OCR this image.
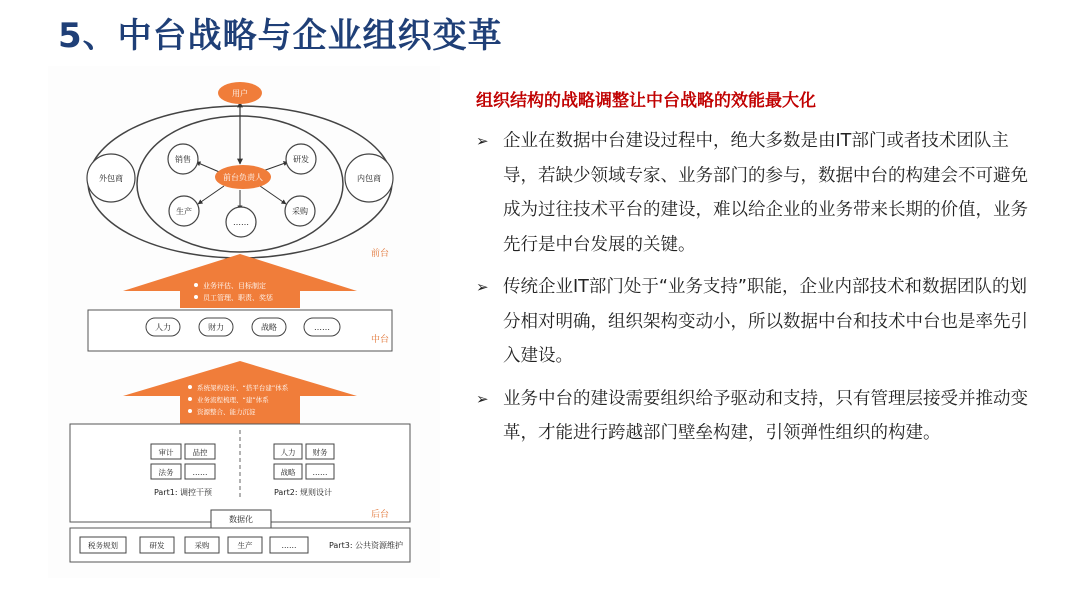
5、中台战略与企业组织变革
用户
前台负责人
外包商	内包商
销售	研发
生产	采购
……
前台
业务评估、目标制定
员工管理、职责、奖惩
人力	财力	战略	……
中台
系统架构设计、“搭平台建”体系
业务流程梳理、“建”体系
资源整合、能力沉淀
审计	品控
法务	……
Part1: 调控干预
人力 财务
战略 ……
Part2: 规则设计
后台
数据化
税务规划	研发	采购	生产	……	Part3: 公共资源维护
组织结构的战略调整让中台战略的效能最大化
➢ 企业在数据中台建设过程中，绝大多数是由IT部门或者技术团队主导，若缺少领域专家、业务部门的参与，数据中台的构建会不可避免成为过往技术平台的建设，难以给企业的业务带来长期的价值，业务先行是中台发展的关键。
➢ 传统企业IT部门处于“业务支持”职能，企业内部技术和数据团队的划分相对明确，组织架构变动小，所以数据中台和技术中台也是率先引入建设。
➢ 业务中台的建设需要组织给予驱动和支持，只有管理层接受并推动变革，才能进行跨越部门壁垒构建，引领弹性组织的构建。
